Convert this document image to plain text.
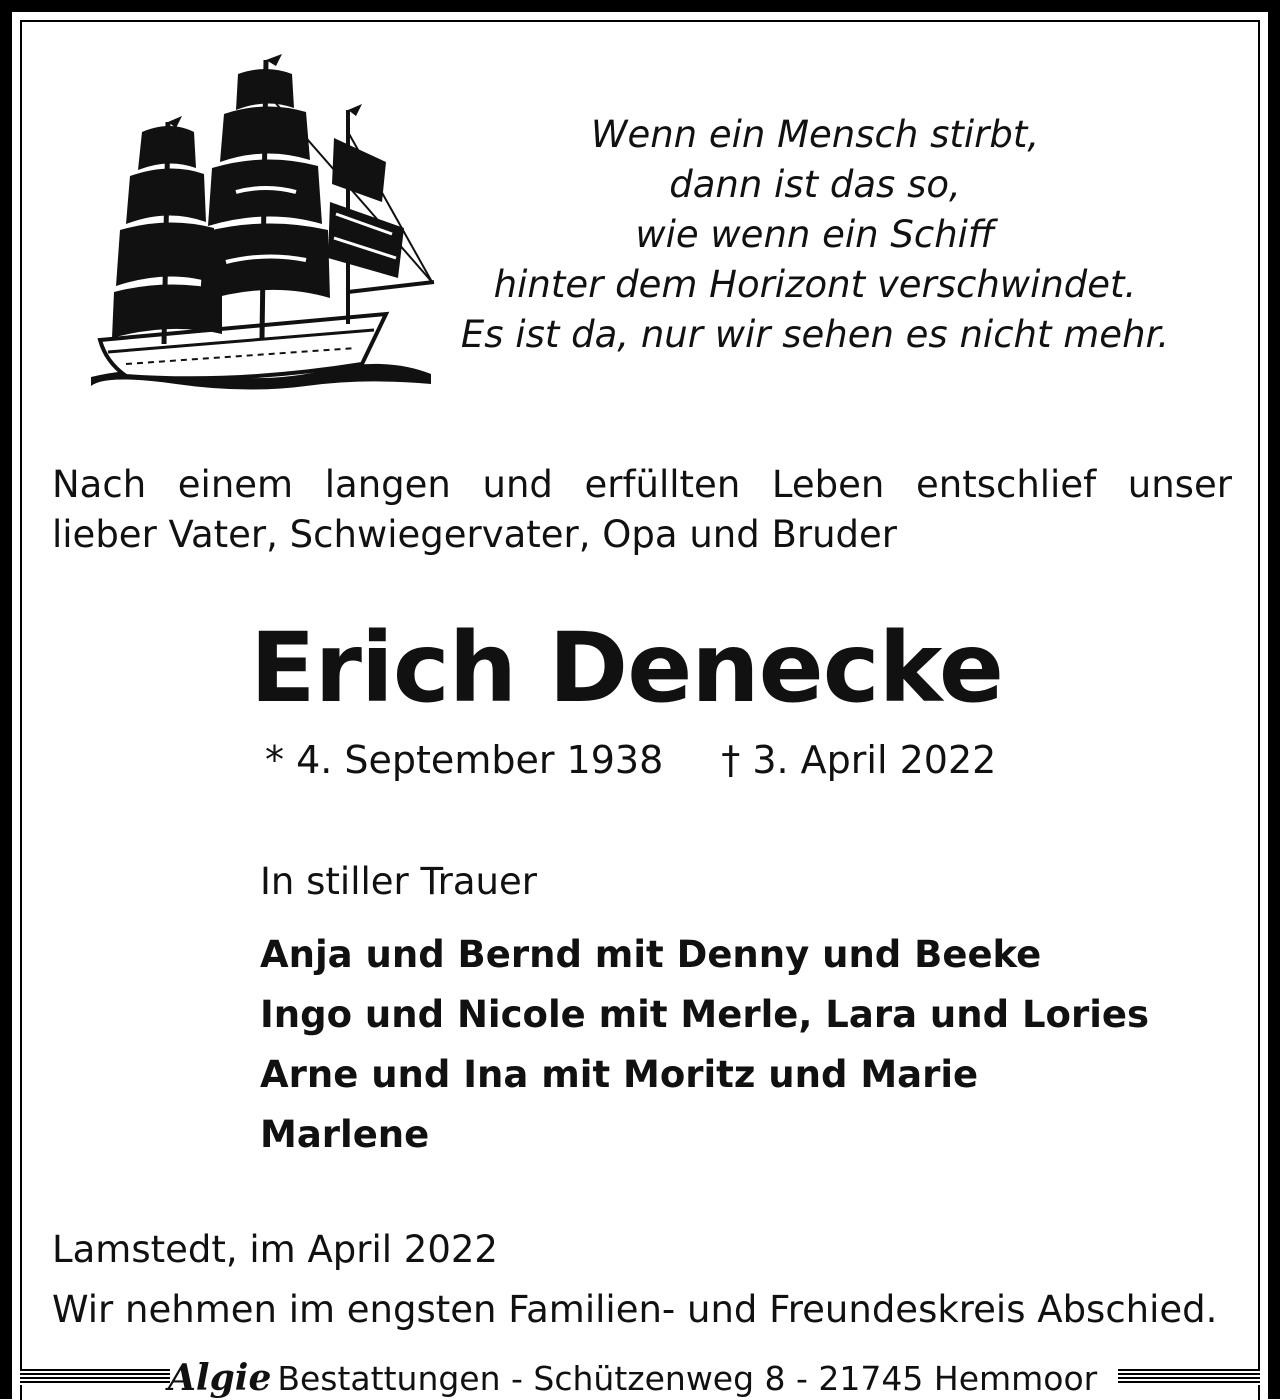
Wenn ein Mensch stirbt,
dann ist das so,
wie wenn ein Schiff
hinter dem Horizont verschwindet.
Es ist da, nur wir sehen es nicht mehr.
Nach einem langen und erfüllten Leben entschlief unser
lieber Vater, Schwiegervater, Opa und Bruder
Erich Denecke
* 4. September 1938 † 3. April 2022
In stiller Trauer
Anja und Bernd mit Denny und Beeke
Ingo und Nicole mit Merle, Lara und Lories
Arne und Ina mit Moritz und Marie
Marlene
Lamstedt, im April 2022
Wir nehmen im engsten Familien- und Freundeskreis Abschied.
Algie Bestattungen - Schützenweg 8 - 21745 Hemmoor
